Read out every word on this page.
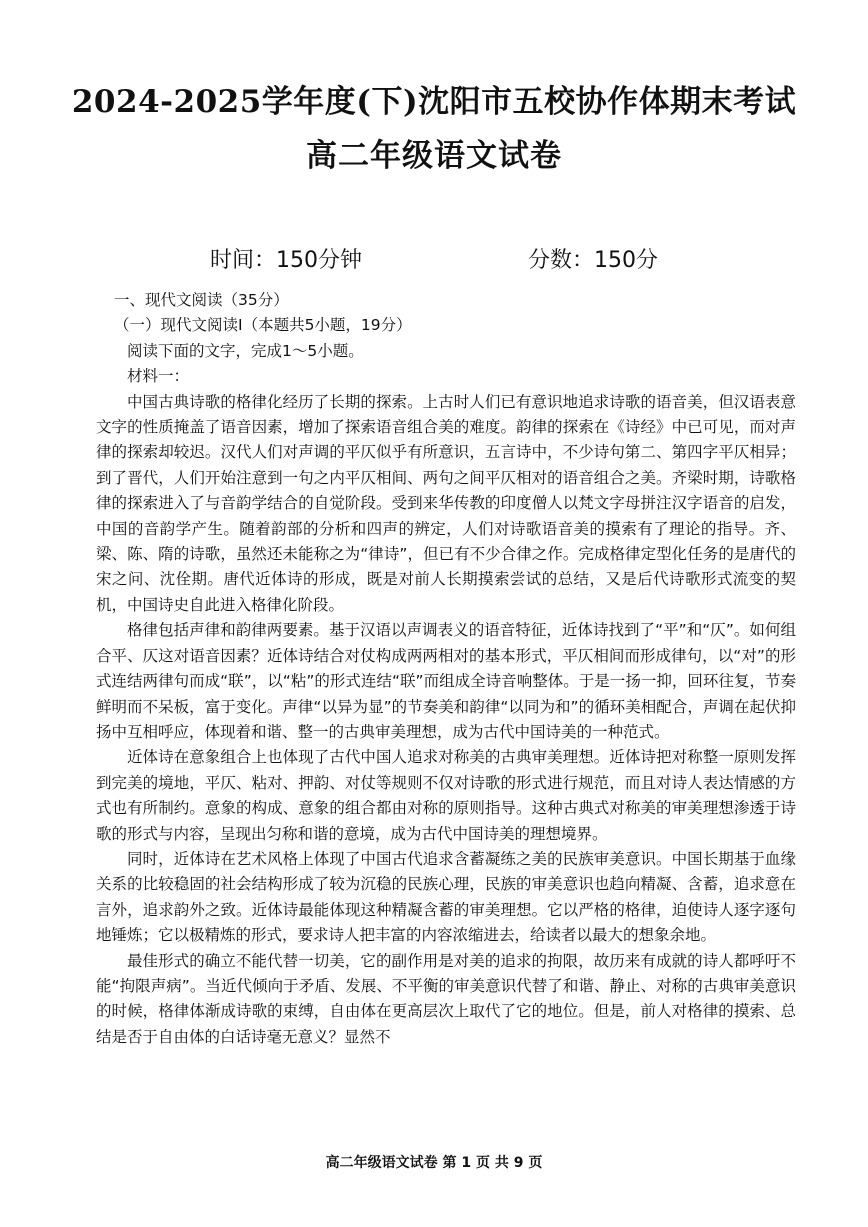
2024-2025学年度(下)沈阳市五校协作体期末考试
高二年级语文试卷
时间：150分钟	分数：150分

一、现代文阅读（35分）

（一）现代文阅读Ⅰ（本题共5小题，19分）

阅读下面的文字，完成1～5小题。

材料一：

中国古典诗歌的格律化经历了长期的探索。上古时人们已有意识地追求诗歌的语音美，但汉语表意文字的性质掩盖了语音因素，增加了探索语音组合美的难度。韵律的探索在《诗经》中已可见，而对声律的探索却较迟。汉代人们对声调的平仄似乎有所意识，五言诗中，不少诗句第二、第四字平仄相异；到了晋代，人们开始注意到一句之内平仄相间、两句之间平仄相对的语音组合之美。齐梁时期，诗歌格律的探索进入了与音韵学结合的自觉阶段。受到来华传教的印度僧人以梵文字母拼注汉字语音的启发，中国的音韵学产生。随着韵部的分析和四声的辨定，人们对诗歌语音美的摸索有了理论的指导。齐、梁、陈、隋的诗歌，虽然还未能称之为“律诗”，但已有不少合律之作。完成格律定型化任务的是唐代的宋之问、沈佺期。唐代近体诗的形成，既是对前人长期摸索尝试的总结，又是后代诗歌形式流变的契机，中国诗史自此进入格律化阶段。

格律包括声律和韵律两要素。基于汉语以声调表义的语音特征，近体诗找到了“平”和“仄”。如何组合平、仄这对语音因素？近体诗结合对仗构成两两相对的基本形式，平仄相间而形成律句，以“对”的形式连结两律句而成“联”，以“粘”的形式连结“联”而组成全诗音响整体。于是一扬一抑，回环往复，节奏鲜明而不呆板，富于变化。声律“以异为显”的节奏美和韵律“以同为和”的循环美相配合，声调在起伏抑扬中互相呼应，体现着和谐、整一的古典审美理想，成为古代中国诗美的一种范式。

近体诗在意象组合上也体现了古代中国人追求对称美的古典审美理想。近体诗把对称整一原则发挥到完美的境地，平仄、粘对、押韵、对仗等规则不仅对诗歌的形式进行规范，而且对诗人表达情感的方式也有所制约。意象的构成、意象的组合都由对称的原则指导。这种古典式对称美的审美理想渗透于诗歌的形式与内容，呈现出匀称和谐的意境，成为古代中国诗美的理想境界。

同时，近体诗在艺术风格上体现了中国古代追求含蓄凝练之美的民族审美意识。中国长期基于血缘关系的比较稳固的社会结构形成了较为沉稳的民族心理，民族的审美意识也趋向精凝、含蓄，追求意在言外，追求韵外之致。近体诗最能体现这种精凝含蓄的审美理想。它以严格的格律，迫使诗人逐字逐句地锤炼；它以极精炼的形式，要求诗人把丰富的内容浓缩进去，给读者以最大的想象余地。

最佳形式的确立不能代替一切美，它的副作用是对美的追求的拘限，故历来有成就的诗人都呼吁不能“拘限声病”。当近代倾向于矛盾、发展、不平衡的审美意识代替了和谐、静止、对称的古典审美意识的时候，格律体渐成诗歌的束缚，自由体在更高层次上取代了它的地位。但是，前人对格律的摸索、总结是否于自由体的白话诗毫无意义？显然不

高二年级语文试卷 第 1 页 共 9 页
